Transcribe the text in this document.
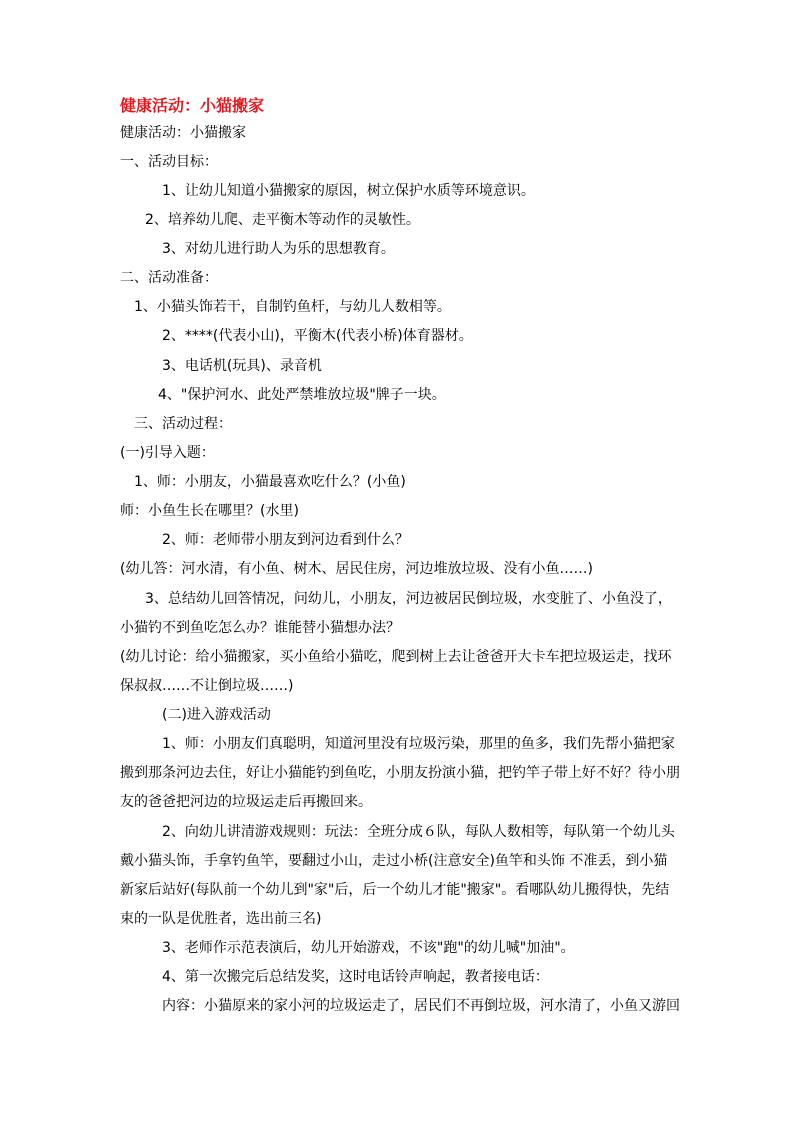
健康活动：小猫搬家
健康活动：小猫搬家
一、活动目标：
1、让幼儿知道小猫搬家的原因，树立保护水质等环境意识。
2、培养幼儿爬、走平衡木等动作的灵敏性。
3、对幼儿进行助人为乐的思想教育。
二、活动准备：
1、小猫头饰若干，自制钓鱼杆，与幼儿人数相等。
2、****(代表小山)，平衡木(代表小桥)体育器材。
3、电话机(玩具)、录音机
4、"保护河水、此处严禁堆放垃圾"牌子一块。
三、活动过程：
(一)引导入题：
1、师：小朋友，小猫最喜欢吃什么？(小鱼)
师：小鱼生长在哪里？(水里)
2、师：老师带小朋友到河边看到什么？
(幼儿答：河水清，有小鱼、树木、居民住房，河边堆放垃圾、没有小鱼……)
3、总结幼儿回答情况，问幼儿，小朋友，河边被居民倒垃圾，水变脏了、小鱼没了，
小猫钓不到鱼吃怎么办？谁能替小猫想办法？
(幼儿讨论：给小猫搬家，买小鱼给小猫吃，爬到树上去让爸爸开大卡车把垃圾运走，找环
保叔叔……不让倒垃圾……)
(二)进入游戏活动
1、师：小朋友们真聪明，知道河里没有垃圾污染，那里的鱼多，我们先帮小猫把家
搬到那条河边去住，好让小猫能钓到鱼吃，小朋友扮演小猫，把钓竿子带上好不好？待小朋
友的爸爸把河边的垃圾运走后再搬回来。
2、向幼儿讲清游戏规则：玩法：全班分成６队，每队人数相等，每队第一个幼儿头
戴小猫头饰，手拿钓鱼竿，要翻过小山，走过小桥(注意安全)鱼竿和头饰 不准丢，到小猫
新家后站好(每队前一个幼儿到"家"后，后一个幼儿才能"搬家"。看哪队幼儿搬得快，先结
束的一队是优胜者，选出前三名)
3、老师作示范表演后，幼儿开始游戏，不该"跑"的幼儿喊"加油"。
4、第一次搬完后总结发奖，这时电话铃声响起，教者接电话：
内容：小猫原来的家小河的垃圾运走了，居民们不再倒垃圾，河水清了，小鱼又游回
